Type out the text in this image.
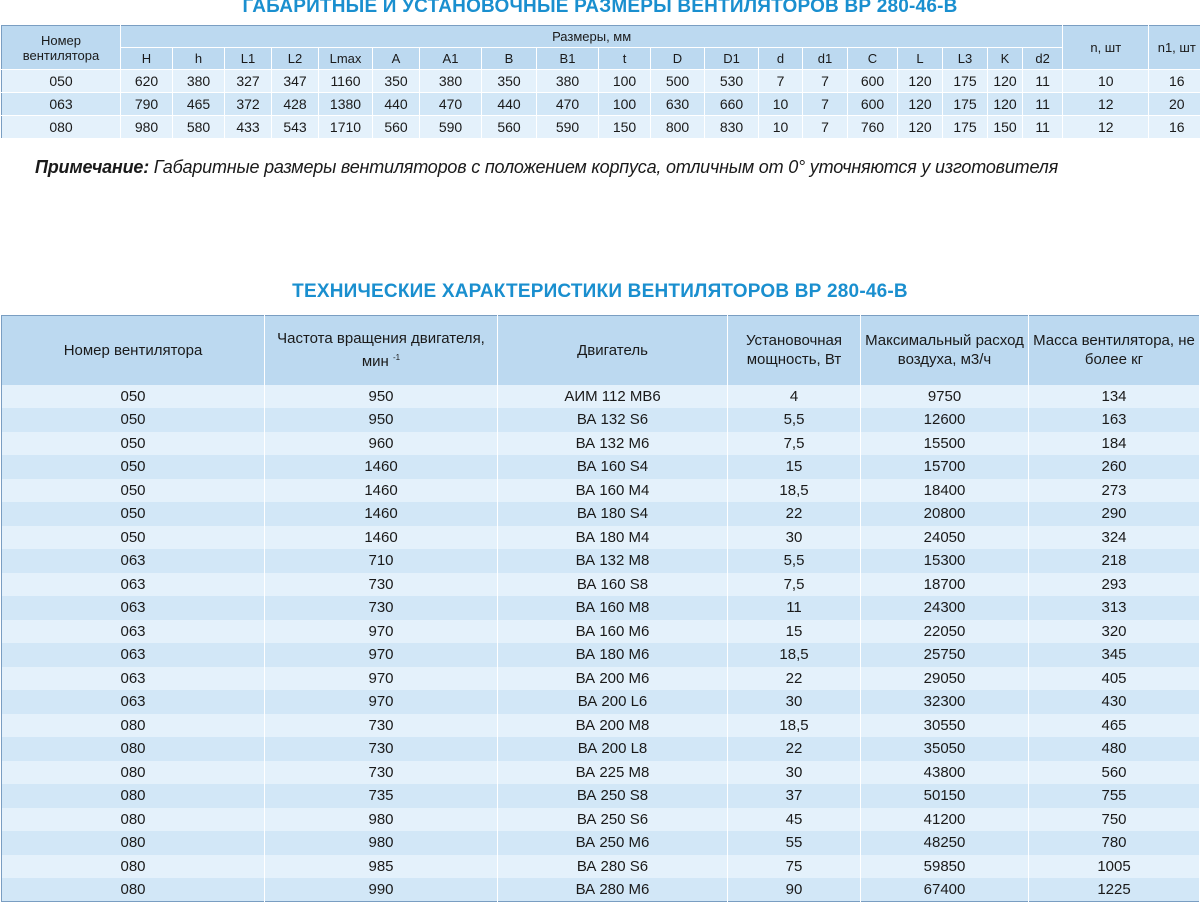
ГАБАРИТНЫЕ И УСТАНОВОЧНЫЕ РАЗМЕРЫ ВЕНТИЛЯТОРОВ ВР 280-46-В
Номер вентилятора	Размеры, мм																			n, шт	n1, шт
	H	h	L1	L2	Lmax	A	A1	B	B1	t	D	D1	d	d1	C	L	L3	K	d2		
050	620	380	327	347	1160	350	380	350	380	100	500	530	7	7	600	120	175	120	11	10	16
063	790	465	372	428	1380	440	470	440	470	100	630	660	10	7	600	120	175	120	11	12	20
080	980	580	433	543	1710	560	590	560	590	150	800	830	10	7	760	120	175	150	11	12	16
Примечание: Габаритные размеры вентиляторов с положением корпуса, отличным от 0° уточняются у изготовителя
ТЕХНИЧЕСКИЕ ХАРАКТЕРИСТИКИ ВЕНТИЛЯТОРОВ ВР 280-46-В
Номер вентилятора	Частота вращения двигателя, мин $^{-1}$	Двигатель	Установочная мощность, Вт	Максимальный расход воздуха, м3/ч	Масса вентилятора, не более кг
050	950	АИМ 112 МВ6	4	9750	134
050	950	ВА 132 S6	5,5	12600	163
050	960	ВА 132 М6	7,5	15500	184
050	1460	ВА 160 S4	15	15700	260
050	1460	ВА 160 М4	18,5	18400	273
050	1460	ВА 180 S4	22	20800	290
050	1460	ВА 180 М4	30	24050	324
063	710	ВА 132 М8	5,5	15300	218
063	730	ВА 160 S8	7,5	18700	293
063	730	ВА 160 М8	11	24300	313
063	970	ВА 160 М6	15	22050	320
063	970	ВА 180 М6	18,5	25750	345
063	970	ВА 200 М6	22	29050	405
063	970	ВА 200 L6	30	32300	430
080	730	ВА 200 М8	18,5	30550	465
080	730	ВА 200 L8	22	35050	480
080	730	ВА 225 М8	30	43800	560
080	735	ВА 250 S8	37	50150	755
080	980	ВА 250 S6	45	41200	750
080	980	ВА 250 М6	55	48250	780
080	985	ВА 280 S6	75	59850	1005
080	990	ВА 280 М6	90	67400	1225
